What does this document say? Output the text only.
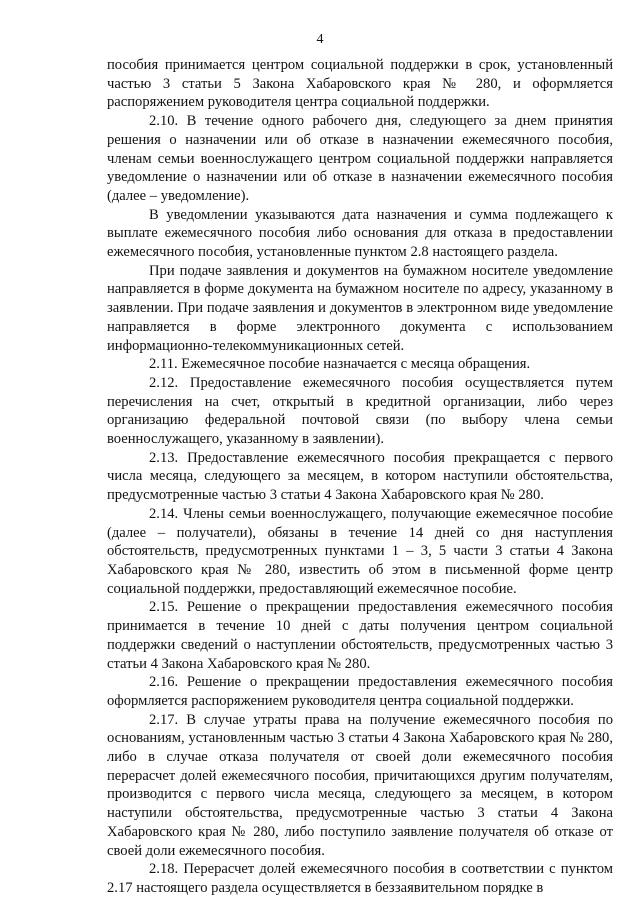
4

пособия принимается центром социальной поддержки в срок, установленный частью 3 статьи 5 Закона Хабаровского края № 280, и оформляется распоряжением руководителя центра социальной поддержки.

2.10. В течение одного рабочего дня, следующего за днем принятия решения о назначении или об отказе в назначении ежемесячного пособия, членам семьи военнослужащего центром социальной поддержки направляется уведомление о назначении или об отказе в назначении ежемесячного пособия (далее – уведомление).

В уведомлении указываются дата назначения и сумма подлежащего к выплате ежемесячного пособия либо основания для отказа в предоставлении ежемесячного пособия, установленные пунктом 2.8 настоящего раздела.

При подаче заявления и документов на бумажном носителе уведомление направляется в форме документа на бумажном носителе по адресу, указанному в заявлении. При подаче заявления и документов в электронном виде уведомление направляется в форме электронного документа с использованием информационно-телекоммуникационных сетей.

2.11. Ежемесячное пособие назначается с месяца обращения.

2.12. Предоставление ежемесячного пособия осуществляется путем перечисления на счет, открытый в кредитной организации, либо через организацию федеральной почтовой связи (по выбору члена семьи военнослужащего, указанному в заявлении).

2.13. Предоставление ежемесячного пособия прекращается с первого числа месяца, следующего за месяцем, в котором наступили обстоятельства, предусмотренные частью 3 статьи 4 Закона Хабаровского края № 280.

2.14. Члены семьи военнослужащего, получающие ежемесячное пособие (далее – получатели), обязаны в течение 14 дней со дня наступления обстоятельств, предусмотренных пунктами 1 – 3, 5 части 3 статьи 4 Закона Хабаровского края № 280, известить об этом в письменной форме центр социальной поддержки, предоставляющий ежемесячное пособие.

2.15. Решение о прекращении предоставления ежемесячного пособия принимается в течение 10 дней с даты получения центром социальной поддержки сведений о наступлении обстоятельств, предусмотренных частью 3 статьи 4 Закона Хабаровского края № 280.

2.16. Решение о прекращении предоставления ежемесячного пособия оформляется распоряжением руководителя центра социальной поддержки.

2.17. В случае утраты права на получение ежемесячного пособия по основаниям, установленным частью 3 статьи 4 Закона Хабаровского края № 280, либо в случае отказа получателя от своей доли ежемесячного пособия перерасчет долей ежемесячного пособия, причитающихся другим получателям, производится с первого числа месяца, следующего за месяцем, в котором наступили обстоятельства, предусмотренные частью 3 статьи 4 Закона Хабаровского края № 280, либо поступило заявление получателя об отказе от своей доли ежемесячного пособия.

2.18. Перерасчет долей ежемесячного пособия в соответствии с пунктом 2.17 настоящего раздела осуществляется в беззаявительном порядке в
